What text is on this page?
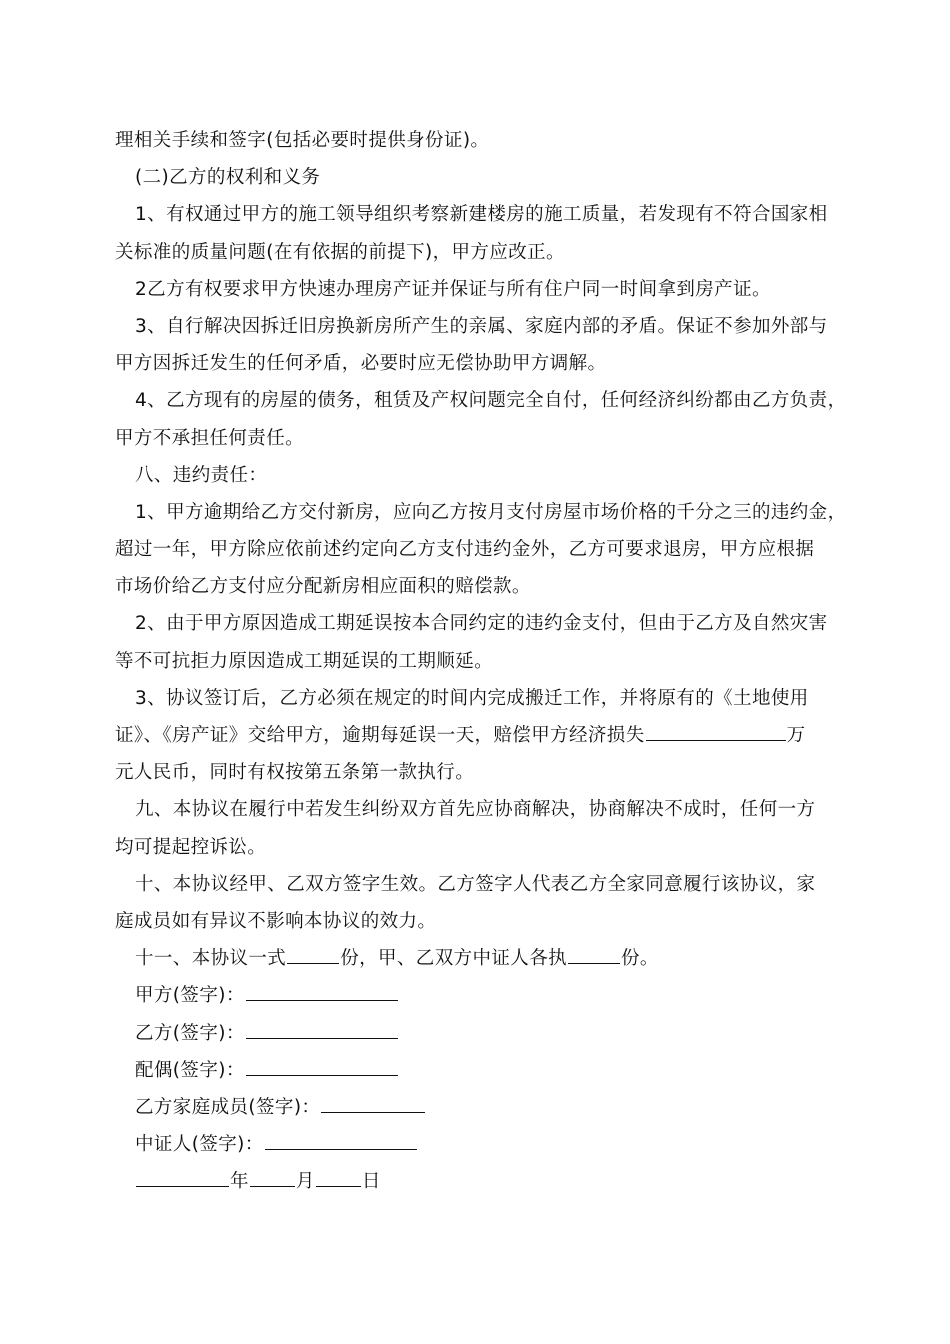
理相关手续和签字(包括必要时提供身份证)。
(二)乙方的权利和义务
1、有权通过甲方的施工领导组织考察新建楼房的施工质量，若发现有不符合国家相
关标准的质量问题(在有依据的前提下)，甲方应改正。
2乙方有权要求甲方快速办理房产证并保证与所有住户同一时间拿到房产证。
3、自行解决因拆迁旧房换新房所产生的亲属、家庭内部的矛盾。保证不参加外部与
甲方因拆迁发生的任何矛盾，必要时应无偿协助甲方调解。
4、乙方现有的房屋的债务，租赁及产权问题完全自付，任何经济纠纷都由乙方负责，
甲方不承担任何责任。
八、违约责任：
1、甲方逾期给乙方交付新房，应向乙方按月支付房屋市场价格的千分之三的违约金，
超过一年，甲方除应依前述约定向乙方支付违约金外，乙方可要求退房，甲方应根据
市场价给乙方支付应分配新房相应面积的赔偿款。
2、由于甲方原因造成工期延误按本合同约定的违约金支付，但由于乙方及自然灾害
等不可抗拒力原因造成工期延误的工期顺延。
3、协议签订后，乙方必须在规定的时间内完成搬迁工作，并将原有的《土地使用
证》、《房产证》交给甲方，逾期每延误一天，赔偿甲方经济损失	万
元人民币，同时有权按第五条第一款执行。
九、本协议在履行中若发生纠纷双方首先应协商解决，协商解决不成时，任何一方
均可提起控诉讼。
十、本协议经甲、乙双方签字生效。乙方签字人代表乙方全家同意履行该协议，家
庭成员如有异议不影响本协议的效力。
十一、本协议一式	份，甲、乙双方中证人各执	份。
甲方(签字)：
乙方(签字)：
配偶(签字)：
乙方家庭成员(签字)：
中证人(签字)：
年	月	日
